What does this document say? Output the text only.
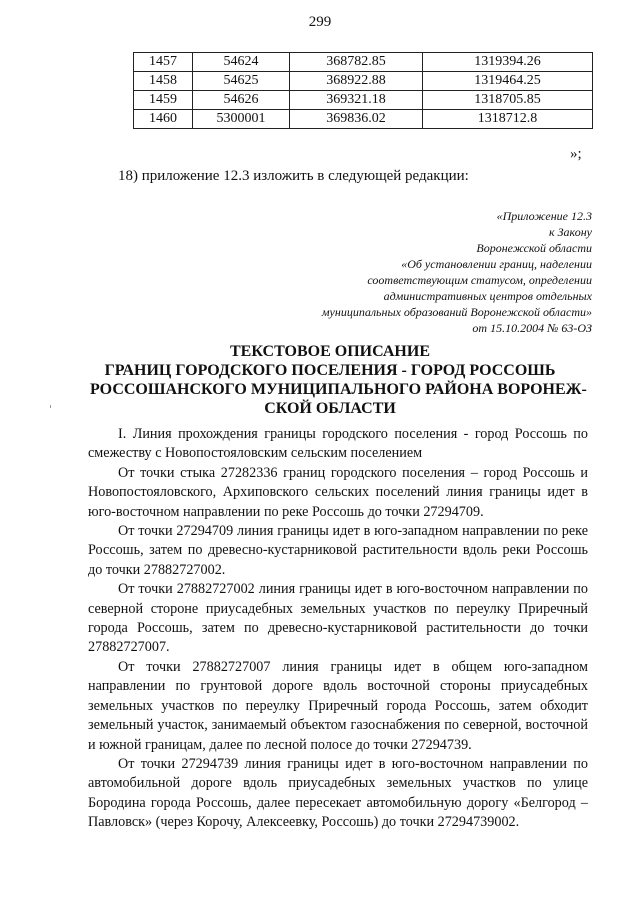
299
1457	54624	368782.85	1319394.26
1458	54625	368922.88	1319464.25
1459	54626	369321.18	1318705.85
1460	5300001	369836.02	1318712.8
»;
18) приложение 12.3 изложить в следующей редакции:
«Приложение 12.3
к Закону
Воронежской области
«Об установлении границ, наделении
соответствующим статусом, определении
административных центров отдельных
муниципальных образований Воронежской области»
от 15.10.2004 № 63-ОЗ
ТЕКСТОВОЕ ОПИСАНИЕ
ГРАНИЦ ГОРОДСКОГО ПОСЕЛЕНИЯ - ГОРОД РОССОШЬ
РОССОШАНСКОГО МУНИЦИПАЛЬНОГО РАЙОНА ВОРОНЕЖ-
СКОЙ ОБЛАСТИ

I. Линия прохождения границы городского поселения - город Россошь по смежеству с Новопостояловским сельским поселением

От точки стыка 27282336 границ городского поселения – город Россошь и Новопостояловского, Архиповского сельских поселений линия границы идет в юго-восточном направлении по реке Россошь до точки 27294709.

От точки 27294709 линия границы идет в юго-западном направлении по реке Россошь, затем по древесно-кустарниковой растительности вдоль реки Россошь до точки 27882727002.

От точки 27882727002 линия границы идет в юго-восточном направлении по северной стороне приусадебных земельных участков по переулку Приречный города Россошь, затем по древесно-кустарниковой растительности до точки 27882727007.

От точки 27882727007 линия границы идет в общем юго-западном направлении по грунтовой дороге вдоль восточной стороны приусадебных земельных участков по переулку Приречный города Россошь, затем обходит земельный участок, занимаемый объектом газоснабжения по северной, восточной и южной границам, далее по лесной полосе до точки 27294739.

От точки 27294739 линия границы идет в юго-восточном направлении по автомобильной дороге вдоль приусадебных земельных участков по улице Бородина города Россошь, далее пересекает автомобильную дорогу «Белгород – Павловск» (через Корочу, Алексеевку, Россошь) до точки 27294739002.
